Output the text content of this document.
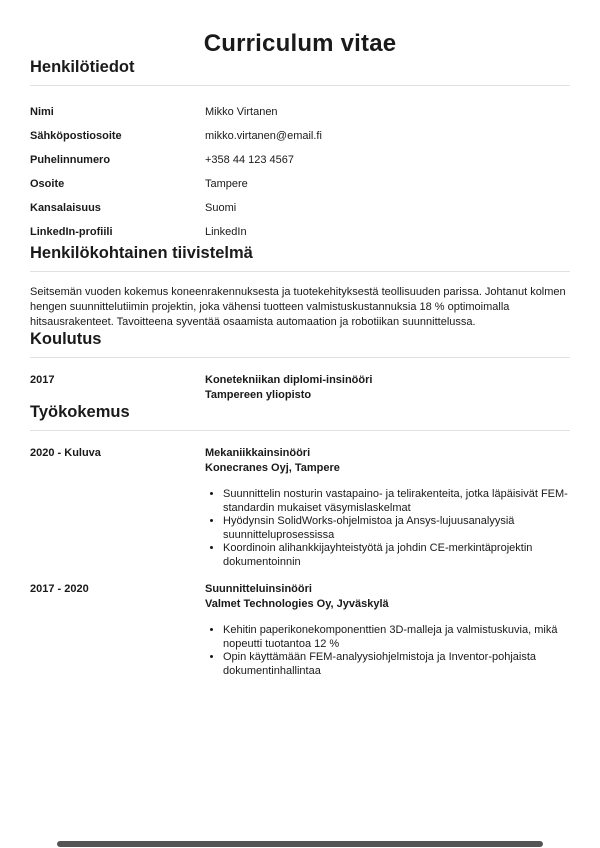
Curriculum vitae
Henkilötiedot
Nimi	Mikko Virtanen
Sähköpostiosoite	mikko.virtanen@email.fi
Puhelinnumero	+358 44 123 4567
Osoite	Tampere
Kansalaisuus	Suomi
LinkedIn-profiili	LinkedIn
Henkilökohtainen tiivistelmä

Seitsemän vuoden kokemus koneenrakennuksesta ja tuotekehityksestä teollisuuden parissa. Johtanut kolmen hengen suunnittelutiimin projektin, joka vähensi tuotteen valmistuskustannuksia 18 % optimoimalla hitsausrakenteet. Tavoitteena syventää osaamista automaation ja robotiikan suunnittelussa.

Koulutus
2017	Konetekniikan diplomi-insinööri
Tampereen yliopisto
Työkokemus
2020 - Kuluva	Mekaniikkainsinööri
Konecranes Oyj, Tampere
• Suunnittelin nosturin vastapaino- ja telirakenteita, jotka läpäisivät FEM-standardin mukaiset väsymislaskelmat
• Hyödynsin SolidWorks-ohjelmistoa ja Ansys-lujuusanalyysiä suunnitteluprosessissa
• Koordinoin alihankkijayhteistyötä ja johdin CE-merkintäprojektin dokumentoinnin
2017 - 2020	Suunnitteluinsinööri
Valmet Technologies Oy, Jyväskylä
• Kehitin paperikonekomponenttien 3D-malleja ja valmistuskuvia, mikä nopeutti tuotantoa 12 %
• Opin käyttämään FEM-analyysiohjelmistoja ja Inventor-pohjaista dokumentinhallintaa
